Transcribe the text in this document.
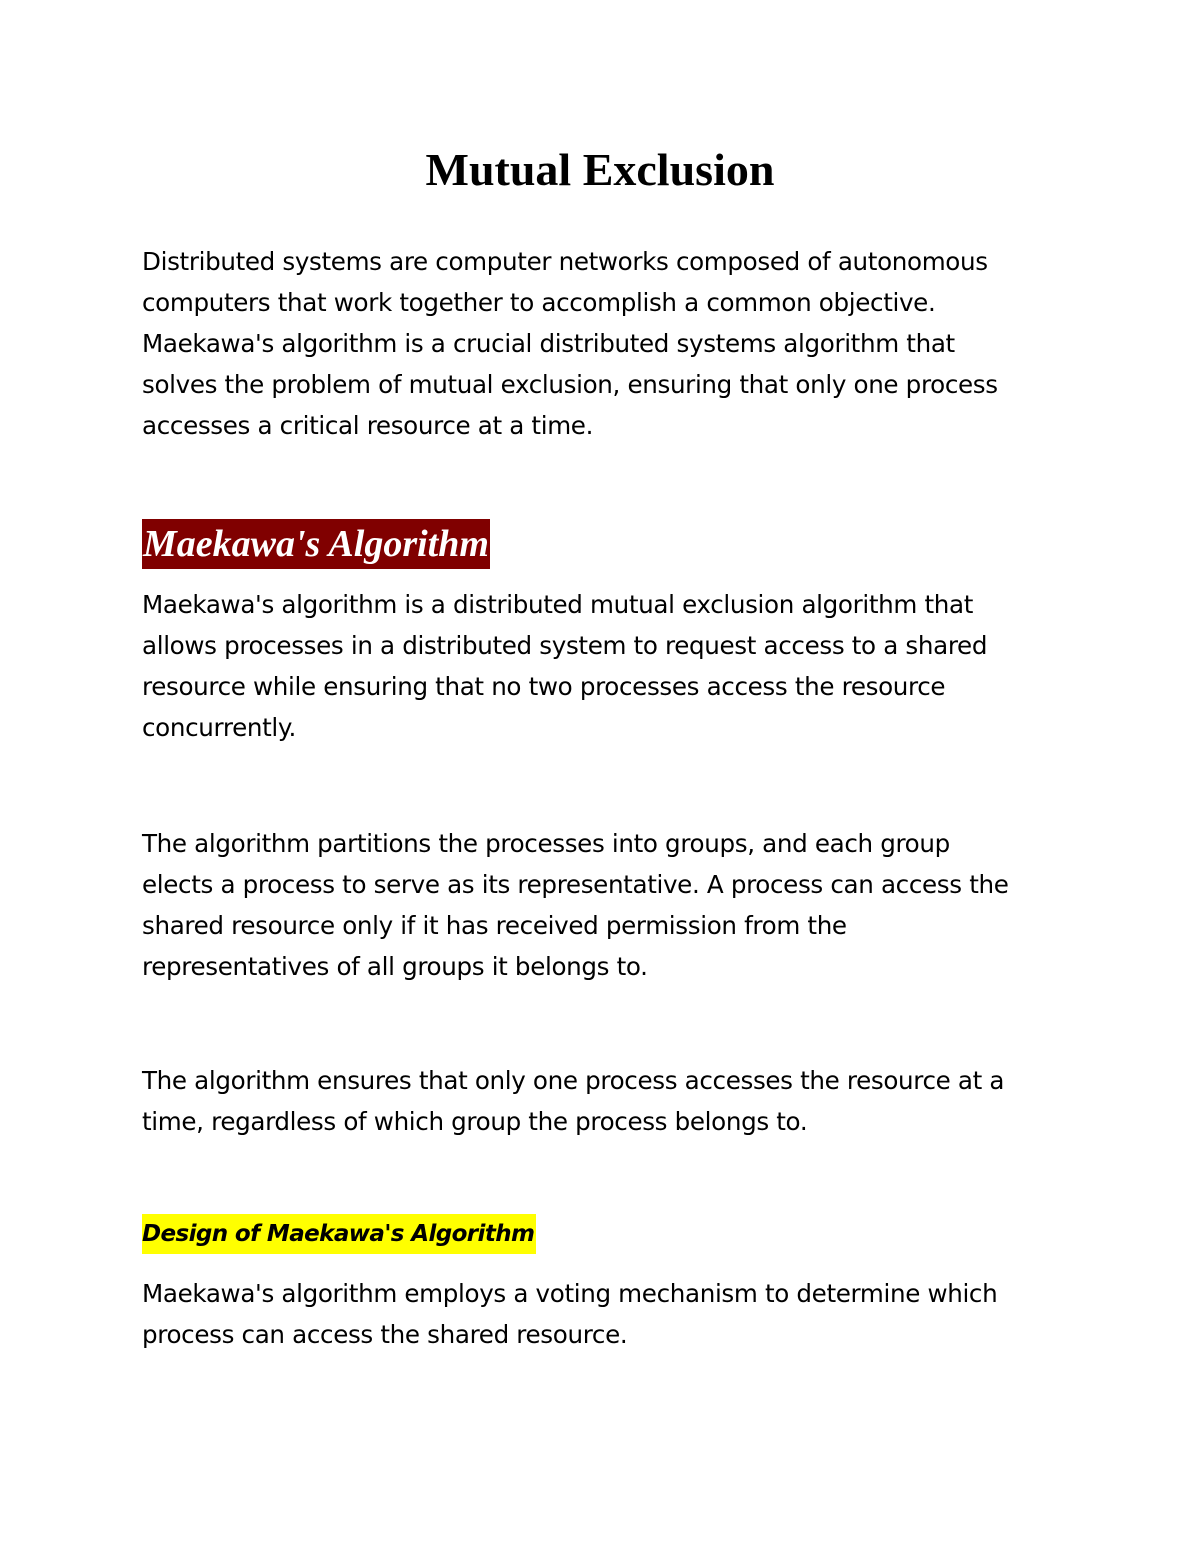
Mutual Exclusion

Distributed systems are computer networks composed of autonomous
computers that work together to accomplish a common objective.
Maekawa's algorithm is a crucial distributed systems algorithm that
solves the problem of mutual exclusion, ensuring that only one process
accesses a critical resource at a time.

Maekawa's Algorithm

Maekawa's algorithm is a distributed mutual exclusion algorithm that
allows processes in a distributed system to request access to a shared
resource while ensuring that no two processes access the resource
concurrently.

The algorithm partitions the processes into groups, and each group
elects a process to serve as its representative. A process can access the
shared resource only if it has received permission from the
representatives of all groups it belongs to.

The algorithm ensures that only one process accesses the resource at a
time, regardless of which group the process belongs to.

Design of Maekawa's Algorithm

Maekawa's algorithm employs a voting mechanism to determine which
process can access the shared resource.
